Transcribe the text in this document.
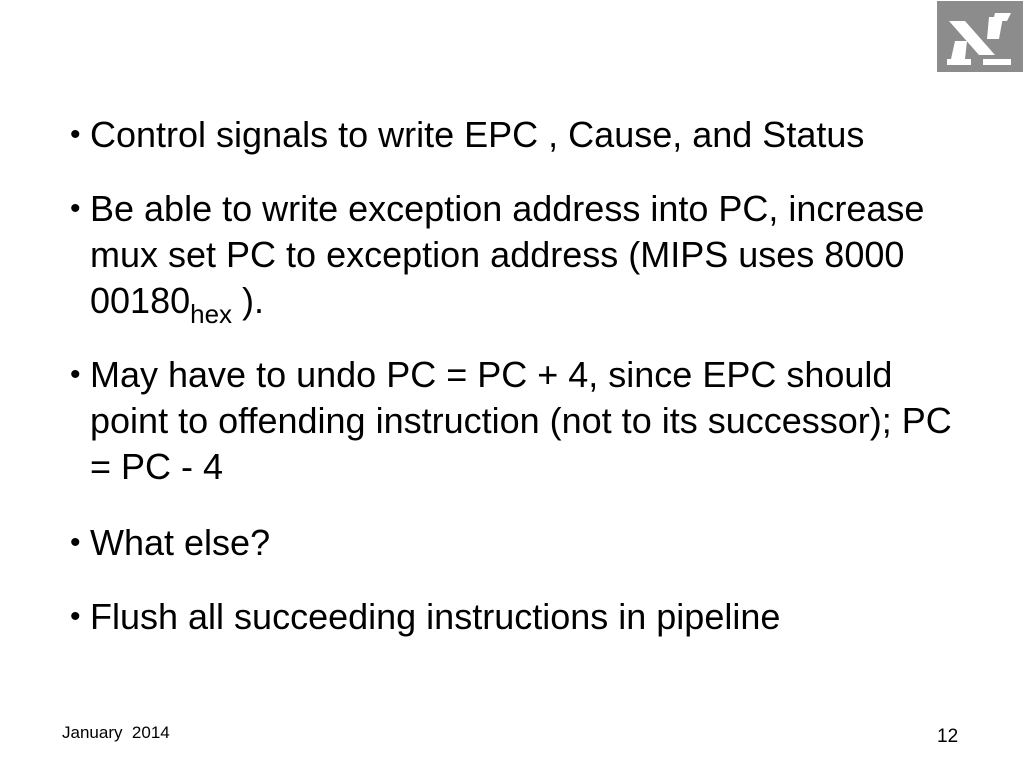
• Control signals to write EPC , Cause, and Status
• Be able to write exception address into PC, increase mux set PC to exception address (MIPS uses 8000 $00180_{hex}$ ).
• May have to undo PC = PC + 4, since EPC should point to offending instruction (not to its successor); PC = PC - 4
• What else?
• Flush all succeeding instructions in pipeline
January  2014	12
